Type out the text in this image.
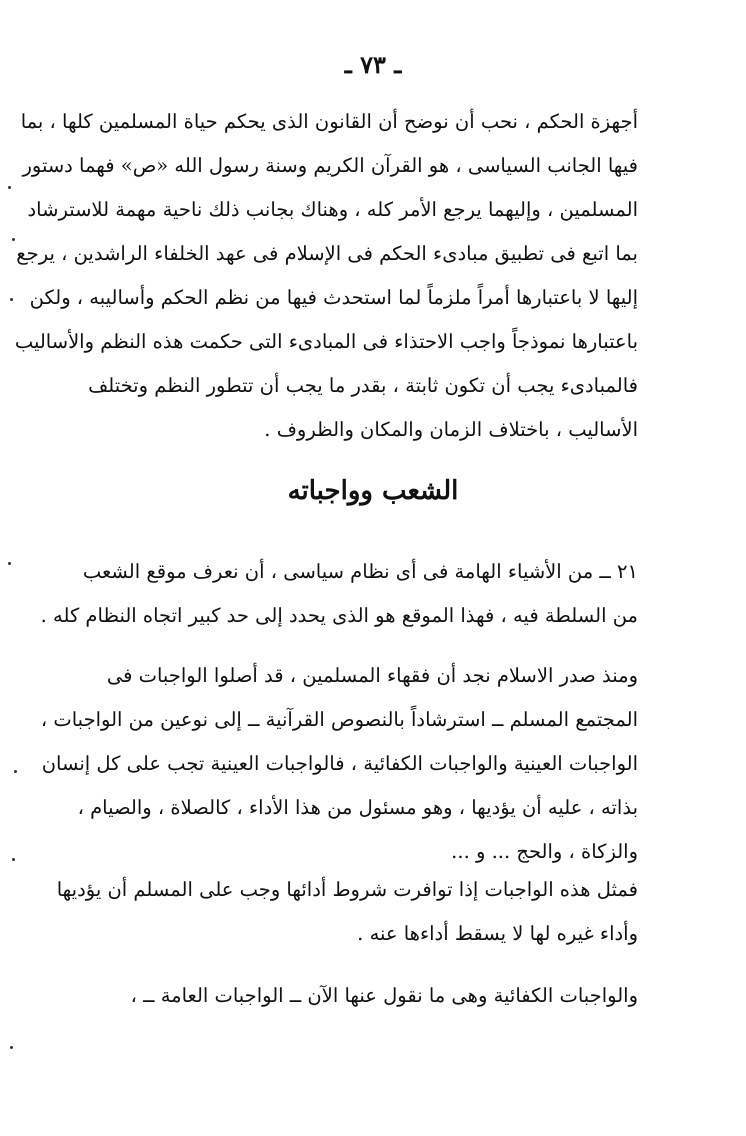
ـ ٧٣ ـ
أجهزة الحكم ، نحب أن نوضح أن القانون الذى يحكم حياة المسلمين كلها ، بما
فيها الجانب السياسى ، هو القرآن الكريم وسنة رسول الله «ص» فهما دستور
المسلمين ، وإليهما يرجع الأمر كله ، وهناك بجانب ذلك ناحية مهمة للاسترشاد
بما اتبع فى تطبيق مبادىء الحكم فى الإسلام فى عهد الخلفاء الراشدين ، يرجع
إليها لا باعتبارها أمراً ملزماً لما استحدث فيها من نظم الحكم وأساليبه ، ولكن
باعتبارها نموذجاً واجب الاحتذاء فى المبادىء التى حكمت هذه النظم والأساليب
فالمبادىء يجب أن تكون ثابتة ، بقدر ما يجب أن تتطور النظم وتختلف
الأساليب ، باختلاف الزمان والمكان والظروف .
الشعب وواجباته
٢١ ــ من الأشياء الهامة فى أى نظام سياسى ، أن نعرف موقع الشعب
من السلطة فيه ، فهذا الموقع هو الذى يحدد إلى حد كبير اتجاه النظام كله .
ومنذ صدر الاسلام نجد أن فقهاء المسلمين ، قد أصلوا الواجبات فى
المجتمع المسلم ــ استرشاداً بالنصوص القرآنية ــ إلى نوعين من الواجبات ،
الواجبات العينية والواجبات الكفائية ، فالواجبات العينية تجب على كل إنسان
بذاته ، عليه أن يؤديها ، وهو مسئول من هذا الأداء ، كالصلاة ، والصيام ،
والزكاة ، والحج ... و ...
فمثل هذه الواجبات إذا توافرت شروط أدائها وجب على المسلم أن يؤديها
وأداء غيره لها لا يسقط أداءها عنه .
والواجبات الكفائية وهى ما نقول عنها الآن ــ الواجبات العامة ــ ،
